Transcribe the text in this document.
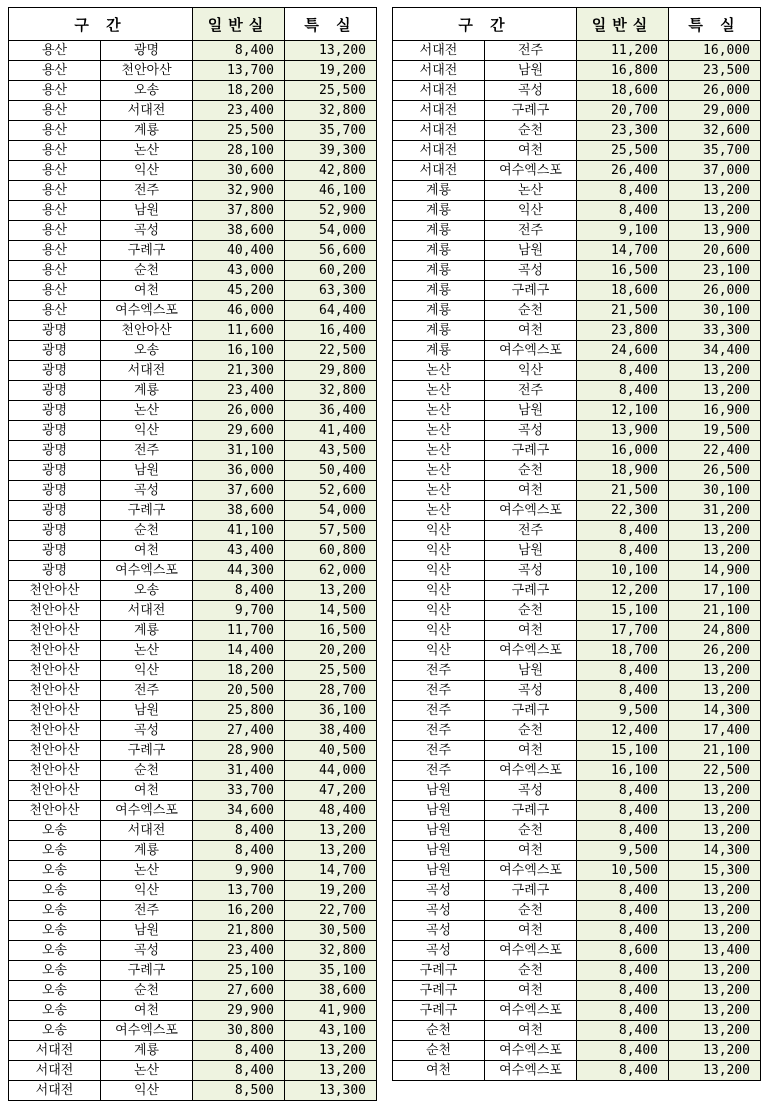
구 간		일반실	특 실
용산	광명	8,400	13,200
용산	천안아산	13,700	19,200
용산	오송	18,200	25,500
용산	서대전	23,400	32,800
용산	계룡	25,500	35,700
용산	논산	28,100	39,300
용산	익산	30,600	42,800
용산	전주	32,900	46,100
용산	남원	37,800	52,900
용산	곡성	38,600	54,000
용산	구례구	40,400	56,600
용산	순천	43,000	60,200
용산	여천	45,200	63,300
용산	여수엑스포	46,000	64,400
광명	천안아산	11,600	16,400
광명	오송	16,100	22,500
광명	서대전	21,300	29,800
광명	계룡	23,400	32,800
광명	논산	26,000	36,400
광명	익산	29,600	41,400
광명	전주	31,100	43,500
광명	남원	36,000	50,400
광명	곡성	37,600	52,600
광명	구례구	38,600	54,000
광명	순천	41,100	57,500
광명	여천	43,400	60,800
광명	여수엑스포	44,300	62,000
천안아산	오송	8,400	13,200
천안아산	서대전	9,700	14,500
천안아산	계룡	11,700	16,500
천안아산	논산	14,400	20,200
천안아산	익산	18,200	25,500
천안아산	전주	20,500	28,700
천안아산	남원	25,800	36,100
천안아산	곡성	27,400	38,400
천안아산	구례구	28,900	40,500
천안아산	순천	31,400	44,000
천안아산	여천	33,700	47,200
천안아산	여수엑스포	34,600	48,400
오송	서대전	8,400	13,200
오송	계룡	8,400	13,200
오송	논산	9,900	14,700
오송	익산	13,700	19,200
오송	전주	16,200	22,700
오송	남원	21,800	30,500
오송	곡성	23,400	32,800
오송	구례구	25,100	35,100
오송	순천	27,600	38,600
오송	여천	29,900	41,900
오송	여수엑스포	30,800	43,100
서대전	계룡	8,400	13,200
서대전	논산	8,400	13,200
서대전	익산	8,500	13,300
구 간		일반실	특 실
서대전	전주	11,200	16,000
서대전	남원	16,800	23,500
서대전	곡성	18,600	26,000
서대전	구례구	20,700	29,000
서대전	순천	23,300	32,600
서대전	여천	25,500	35,700
서대전	여수엑스포	26,400	37,000
계룡	논산	8,400	13,200
계룡	익산	8,400	13,200
계룡	전주	9,100	13,900
계룡	남원	14,700	20,600
계룡	곡성	16,500	23,100
계룡	구례구	18,600	26,000
계룡	순천	21,500	30,100
계룡	여천	23,800	33,300
계룡	여수엑스포	24,600	34,400
논산	익산	8,400	13,200
논산	전주	8,400	13,200
논산	남원	12,100	16,900
논산	곡성	13,900	19,500
논산	구례구	16,000	22,400
논산	순천	18,900	26,500
논산	여천	21,500	30,100
논산	여수엑스포	22,300	31,200
익산	전주	8,400	13,200
익산	남원	8,400	13,200
익산	곡성	10,100	14,900
익산	구례구	12,200	17,100
익산	순천	15,100	21,100
익산	여천	17,700	24,800
익산	여수엑스포	18,700	26,200
전주	남원	8,400	13,200
전주	곡성	8,400	13,200
전주	구례구	9,500	14,300
전주	순천	12,400	17,400
전주	여천	15,100	21,100
전주	여수엑스포	16,100	22,500
남원	곡성	8,400	13,200
남원	구례구	8,400	13,200
남원	순천	8,400	13,200
남원	여천	9,500	14,300
남원	여수엑스포	10,500	15,300
곡성	구례구	8,400	13,200
곡성	순천	8,400	13,200
곡성	여천	8,400	13,200
곡성	여수엑스포	8,600	13,400
구례구	순천	8,400	13,200
구례구	여천	8,400	13,200
구례구	여수엑스포	8,400	13,200
순천	여천	8,400	13,200
순천	여수엑스포	8,400	13,200
여천	여수엑스포	8,400	13,200
